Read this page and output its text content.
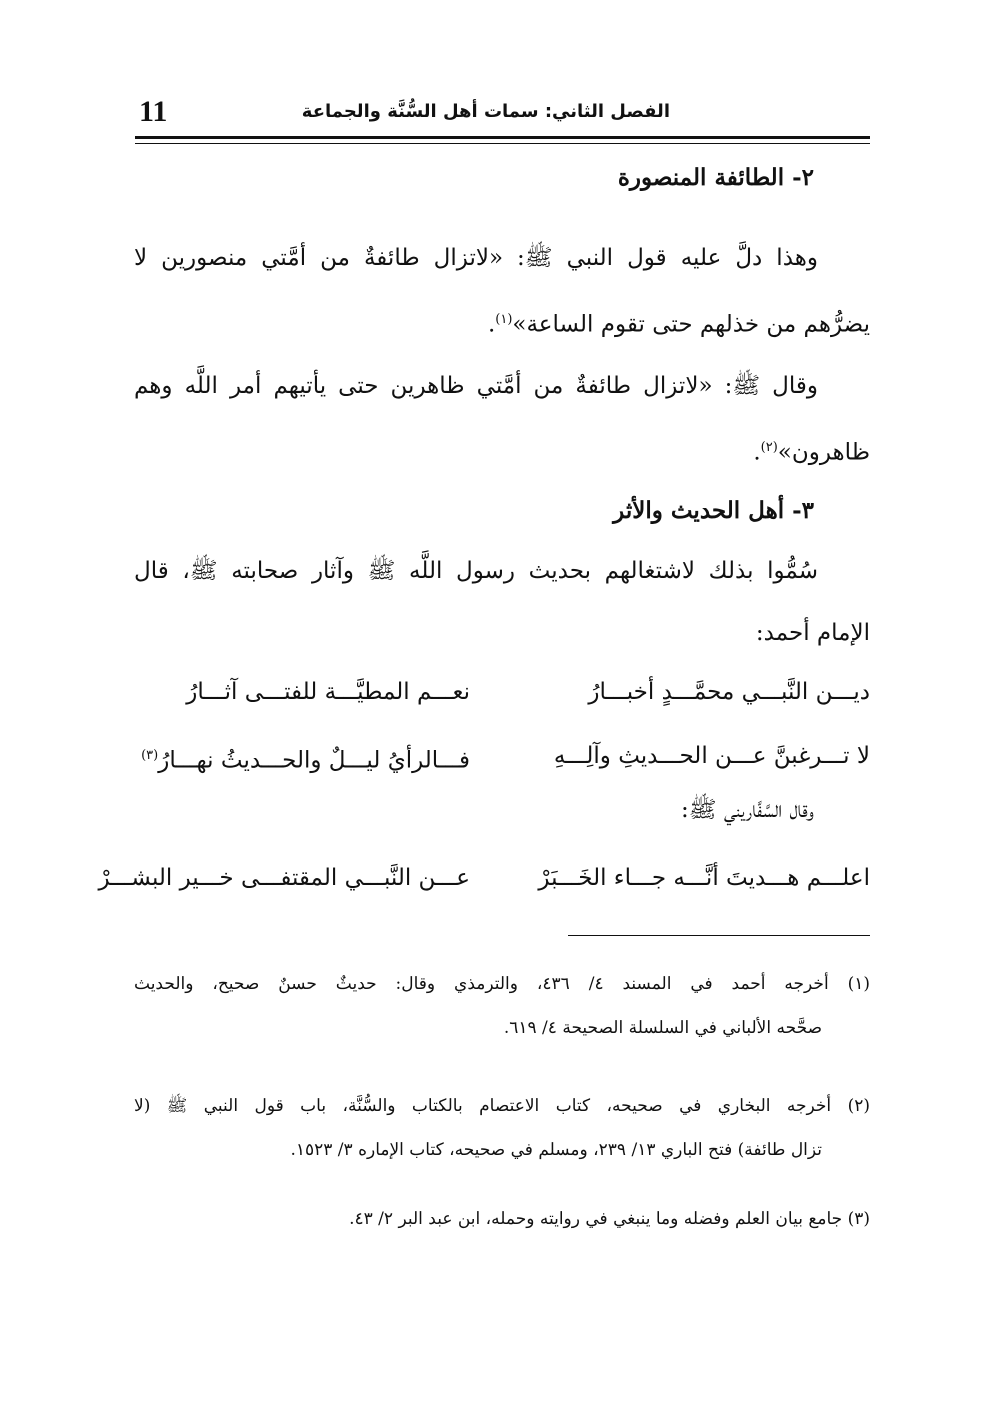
11	الفصل الثاني: سمات أهل السُّنَّة والجماعة
٢- الطائفة المنصورة
وهذا دلَّ عليه قول النبي ﷺ: «لاتزال طائفةٌ من أمَّتي منصورين لا
يضرُّهم من خذلهم حتى تقوم الساعة»$^{(١)}$.
وقال ﷺ: «لاتزال طائفةٌ من أمَّتي ظاهرين حتى يأتيهم أمر اللَّه وهم
ظاهرون»$^{(٢)}$.
٣- أهل الحديث والأثر
سُمُّوا بذلك لاشتغالهم بحديث رسول اللَّه ﷺ وآثار صحابته ﷺ، قال
الإمام أحمد:
ديـــن النَّبـــي محمَّـــدٍ أخبـــارُ
نعـــم المطيَّـــة للفتـــى آثـــارُ
لا تـــرغبنَّ عـــن الحـــديثِ وآلِـــهِ
فـــالرأيُ ليـــلٌ والحـــديثُ نهـــارُ$^{(٣)}$
وقال السَّفَّاريني ﷺ:
اعلـــم هـــديتَ أنَّـــه جـــاء الخَـــبَرْ
عـــن النَّبـــي المقتفـــى خـــير البشـــرْ
(١) أخرجه أحمد في المسند ٤/ ٤٣٦، والترمذي وقال: حديثٌ حسنٌ صحيح، والحديث
صحَّحه الألباني في السلسلة الصحيحة ٤/ ٦١٩.
(٢) أخرجه البخاري في صحيحه، كتاب الاعتصام بالكتاب والسُّنَّة، باب قول النبي ﷺ (لا
تزال طائفة) فتح الباري ١٣/ ٢٣٩، ومسلم في صحيحه، كتاب الإماره ٣/ ١٥٢٣.
(٣) جامع بيان العلم وفضله وما ينبغي في روايته وحمله، ابن عبد البر ٢/ ٤٣.
